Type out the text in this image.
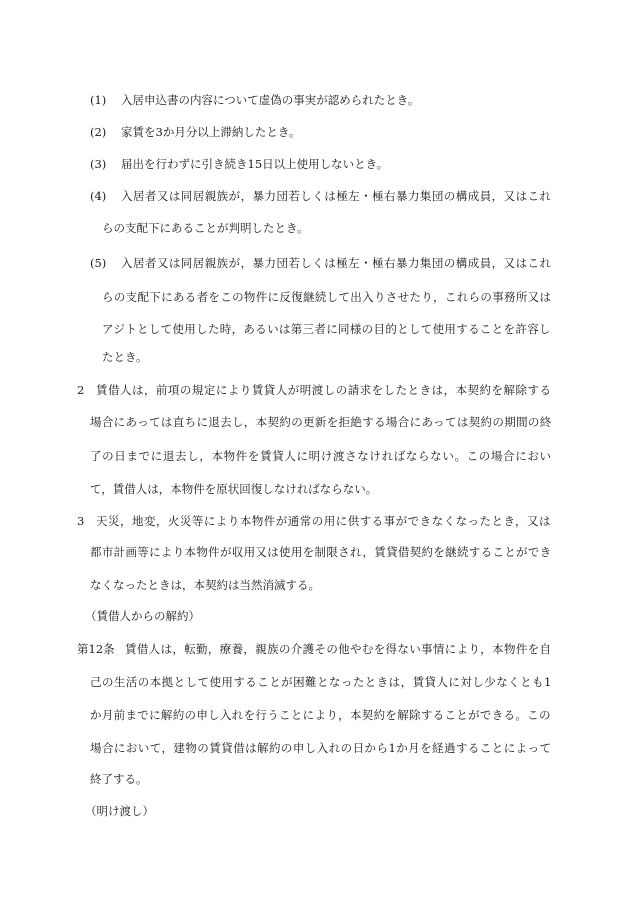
(1) 入居申込書の内容について虚偽の事実が認められたとき。
(2) 家賃を3か月分以上滞納したとき。
(3) 届出を行わずに引き続き15日以上使用しないとき。
(4) 入居者又は同居親族が，暴力団若しくは極左・極右暴力集団の構成員，又はこれ
らの支配下にあることが判明したとき。
(5) 入居者又は同居親族が，暴力団若しくは極左・極右暴力集団の構成員，又はこれ
らの支配下にある者をこの物件に反復継続して出入りさせたり，これらの事務所又は
アジトとして使用した時，あるいは第三者に同様の目的として使用することを許容し
たとき。
2 賃借人は，前項の規定により賃貸人が明渡しの請求をしたときは，本契約を解除する
場合にあっては直ちに退去し，本契約の更新を拒絶する場合にあっては契約の期間の終
了の日までに退去し，本物件を賃貸人に明け渡さなければならない。この場合におい
て，賃借人は，本物件を原状回復しなければならない。
3 天災，地変，火災等により本物件が通常の用に供する事ができなくなったとき，又は
都市計画等により本物件が収用又は使用を制限され，賃貸借契約を継続することができ
なくなったときは，本契約は当然消滅する。
（賃借人からの解約）
第12条 賃借人は，転勤，療養，親族の介護その他やむを得ない事情により，本物件を自
己の生活の本拠として使用することが困難となったときは，賃貸人に対し少なくとも1
か月前までに解約の申し入れを行うことにより，本契約を解除することができる。この
場合において，建物の賃貸借は解約の申し入れの日から1か月を経過することによって
終了する。
（明け渡し）
